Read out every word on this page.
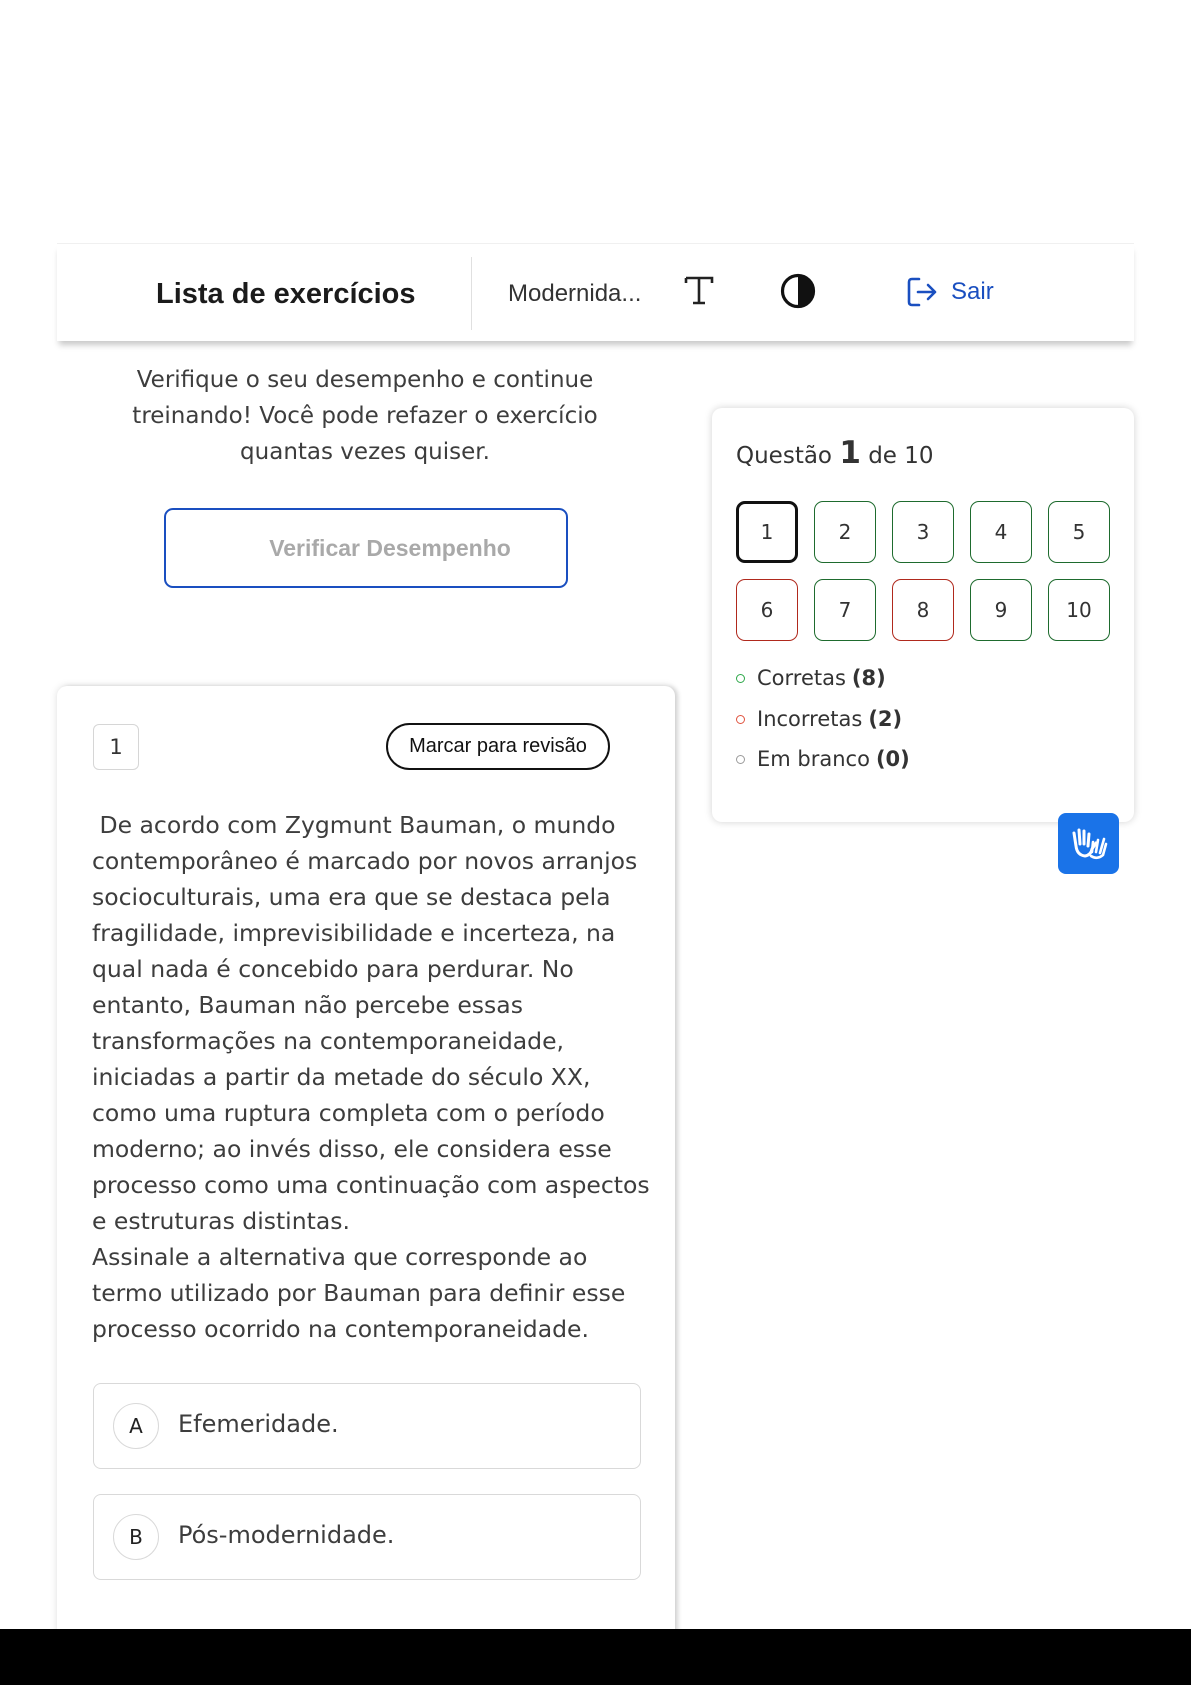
Lista de exercícios	Modernida...	Sair
Verifique o seu desempenho e continue treinando! Você pode refazer o exercício quantas vezes quiser.
Verificar Desempenho
1	Marcar para revisão
De acordo com Zygmunt Bauman, o mundo contemporâneo é marcado por novos arranjos socioculturais, uma era que se destaca pela fragilidade, imprevisibilidade e incerteza, na qual nada é concebido para perdurar. No entanto, Bauman não percebe essas transformações na contemporaneidade, iniciadas a partir da metade do século XX, como uma ruptura completa com o período moderno; ao invés disso, ele considera esse processo como uma continuação com aspectos e estruturas distintas.
Assinale a alternativa que corresponde ao termo utilizado por Bauman para definir esse processo ocorrido na contemporaneidade.
A	Efemeridade.
B	Pós-modernidade.
Questão 1 de 10
1	2	3	4	5
6	7	8	9	10
Corretas (8)
Incorretas (2)
Em branco (0)
